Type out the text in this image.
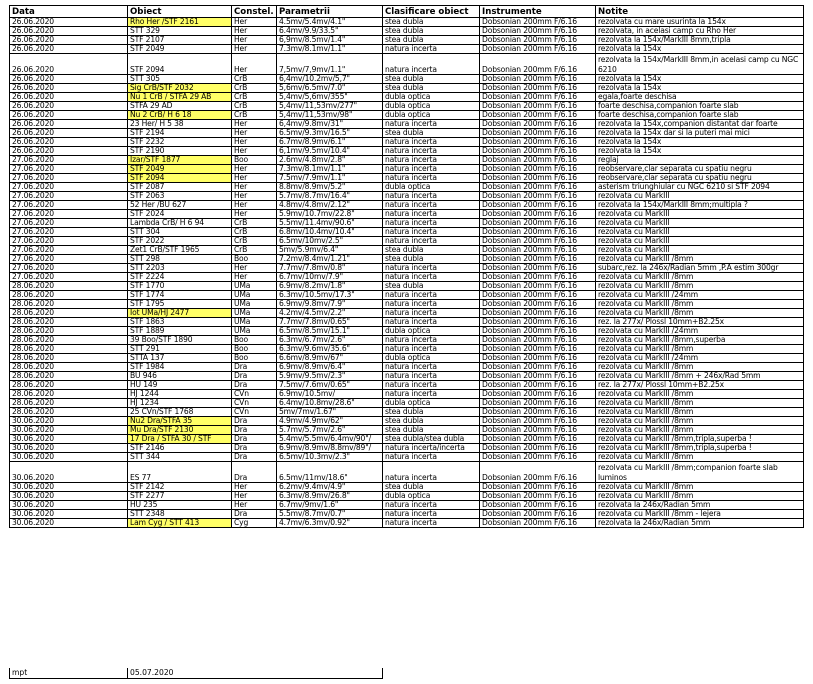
Data	Obiect	Constel.	Parametrii	Clasificare obiect	Instrumente	Notite
26.06.2020	Rho Her /STF 2161	Her	4.5mv/5.4mv/4.1"	stea dubla	Dobsonian 200mm F/6.16	rezolvata cu mare usurinta la 154x
26.06.2020	STT 329	Her	6.4mv/9.9/33.5"	stea dubla	Dobsonian 200mm F/6.16	rezolvata, in acelasi camp cu Rho Her
26.06.2020	STF 2107	Her	6,9mv/8.5mv/1.4"	stea dubla	Dobsonian 200mm F/6.16	rezolvata la 154x/MarkIII 8mm,tripla
26.06.2020	STF 2049	Her	7.3mv/8.1mv/1.1"	natura incerta	Dobsonian 200mm F/6.16	rezolvata la 154x
26.06.2020	STF 2094	Her	7,5mv/7,9mv/1.1"	natura incerta	Dobsonian 200mm F/6.16	rezolvata la 154x/MarkIII 8mm,in acelasi camp cu NGC 6210
26.06.2020	STT 305	CrB	6,4mv/10.2mv/5,7"	stea dubla	Dobsonian 200mm F/6.16	rezolvata la 154x
26.06.2020	Sig CrB/STF 2032	CrB	5,6mv/6.5mv/7.0"	stea dubla	Dobsonian 200mm F/6.16	rezolvata la 154x
26.06.2020	Nu 1 CrB / STFA 29 AB	CrB	5,4mv/5,6mv/355"	dubla optica	Dobsonian 200mm F/6.16	egala,foarte deschisa
26.06.2020	STFA 29 AD	CrB	5,4mv/11,53mv/277"	dubla optica	Dobsonian 200mm F/6.16	foarte deschisa,companion foarte slab
26.06.2020	Nu 2 CrB/ H 6 18	CrB	5,4mv/11,53mv/98"	dubla optica	Dobsonian 200mm F/6.16	foarte deschisa,companion foarte slab
26.06.2020	23 Her/ H 5 38	Her	6,4mv/9.8mv/31"	natura incerta	Dobsonian 200mm F/6.16	rezolvata la 154x,companion distantat dar foarte
26.06.2020	STF 2194	Her	6.5mv/9.3mv/16.5"	stea dubla	Dobsonian 200mm F/6.16	rezolvata la 154x dar si la puteri mai mici
26.06.2020	STF 2232	Her	6.7mv/8.9mv/6.1"	natura incerta	Dobsonian 200mm F/6.16	rezolvata la 154x
26.06.2020	STF 2190	Her	6,1mv/9.5mv/10.4"	natura incerta	Dobsonian 200mm F/6.16	rezolvata la 154x
27.06.2020	Izar/STF 1877	Boo	2.6mv/4.8mv/2.8"	natura incerta	Dobsonian 200mm F/6.16	reglaj
27.06.2020	STF 2049	Her	7.3mv/8.1mv/1.1"	natura incerta	Dobsonian 200mm F/6.16	reobservare,clar separata cu spatiu negru
27.06.2020	STF 2094	Her	7.5mv/7.9mv/1.1"	natura incerta	Dobsonian 200mm F/6.16	reobservare,clar separata cu spatiu negru
27.06.2020	STF 2087	Her	8.8mv/8.9mv/5.2"	dubla optica	Dobsonian 200mm F/6.16	asterism triunghiular cu NGC 6210 si STF 2094
27.06.2020	STF 2063	Her	5.7mv/8.7mv/16.4"	natura incerta	Dobsonian 200mm F/6.16	rezolvata cu MarkIII
27.06.2020	52 Her /BU 627	Her	4.8mv/4.8mv/2.12"	natura incerta	Dobsonian 200mm F/6.16	rezolvata la 154x/MarkIII 8mm;multipla ?
27.06.2020	STF 2024	Her	5.9mv/10.7mv/22.8"	natura incerta	Dobsonian 200mm F/6.16	rezolvata cu MarkIII
27.06.2020	Lambda CrB/ H 6 94	CrB	5.5mv/11.4mv/90.6"	natura incerta	Dobsonian 200mm F/6.16	rezolvata cu MarkIII
27.06.2020	STT 304	CrB	6.8mv/10.4mv/10.4"	natura incerta	Dobsonian 200mm F/6.16	rezolvata cu MarkIII
27.06.2020	STF 2022	CrB	6.5mv/10mv/2.5"	natura incerta	Dobsonian 200mm F/6.16	rezolvata cu MarkIII
27.06.2020	Zet1 CrB/STF 1965	CrB	5mv/5.9mv/6.4"	stea dubla	Dobsonian 200mm F/6.16	rezolvata cu MarkIII
27.06.2020	STT 298	Boo	7.2mv/8.4mv/1.21"	stea dubla	Dobsonian 200mm F/6.16	rezolvata cu MarkIII /8mm
27.06.2020	STT 2203	Her	7.7mv/7.8mv/0.8"	natura incerta	Dobsonian 200mm F/6.16	subarc,rez. la 246x/Radian 5mm ,P.A estim 300gr
27.06.2020	STF 2224	Her	6.7mv/10mv/7.9"	natura incerta	Dobsonian 200mm F/6.16	rezolvata cu MarkIII /8mm
28.06.2020	STF 1770	UMa	6.9mv/8.2mv/1.8"	stea dubla	Dobsonian 200mm F/6.16	rezolvata cu MarkIII /8mm
28.06.2020	STF 1774	UMa	6.3mv/10.5mv/17.3"	natura incerta	Dobsonian 200mm F/6.16	rezolvata cu MarkIII /24mm
28.06.2020	STF 1795	UMa	6.9mv/9.8mv/7.9"	natura incerta	Dobsonian 200mm F/6.16	rezolvata cu MarkIII /8mm
28.06.2020	Iot UMa/HJ 2477	UMa	4.2mv/4.5mv/2.2"	natura incerta	Dobsonian 200mm F/6.16	rezolvata cu MarkIII /8mm
28.06.2020	STF 1863	UMa	7.7mv/7.8mv/0.65"	natura incerta	Dobsonian 200mm F/6.16	rez. la 277x/ Plossl 10mm+B2.25x
28.06.2020	STF 1889	UMa	6.5mv/8.5mv/15.1"	dubla optica	Dobsonian 200mm F/6.16	rezolvata cu MarkIII /24mm
28.06.2020	39 Boo/STF 1890	Boo	6.3mv/6.7mv/2.6"	natura incerta	Dobsonian 200mm F/6.16	rezolvata cu MarkIII /8mm,superba
28.06.2020	STT 291	Boo	6.3mv/9.6mv/35.6"	natura incerta	Dobsonian 200mm F/6.16	rezolvata cu MarkIII /8mm
28.06.2020	STTA 137	Boo	6.6mv/8.9mv/67"	dubla optica	Dobsonian 200mm F/6.16	rezolvata cu MarkIII /24mm
28.06.2020	STF 1984	Dra	6.9mv/8.9mv/6.4"	natura incerta	Dobsonian 200mm F/6.16	rezolvata cu MarkIII /8mm
28.06.2020	BU 946	Dra	5.9mv/9.5mv/2.3"	natura incerta	Dobsonian 200mm F/6.16	rezolvata cu MarkIII /8mm + 246x/Rad 5mm
28.06.2020	HU 149	Dra	7.5mv/7.6mv/0.65"	natura incerta	Dobsonian 200mm F/6.16	rez. la 277x/ Plossl 10mm+B2.25x
28.06.2020	HJ 1244	CVn	6.9mv/10.5mv/	natura incerta	Dobsonian 200mm F/6.16	rezolvata cu MarkIII /8mm
28.06.2020	HJ 1234	CVn	6.4mv/10.8mv/28.6"	dubla optica	Dobsonian 200mm F/6.16	rezolvata cu MarkIII /8mm
28.06.2020	25 CVn/STF 1768	CVn	5mv/7mv/1.67"	stea dubla	Dobsonian 200mm F/6.16	rezolvata cu MarkIII /8mm
30.06.2020	Nu2 Dra/STFA 35	Dra	4.9mv/4.9mv/62"	stea dubla	Dobsonian 200mm F/6.16	rezolvata cu MarkIII /8mm
30.06.2020	Mu Dra/STF 2130	Dra	5.7mv/5.7mv/2.6"	stea dubla	Dobsonian 200mm F/6.16	rezolvata cu MarkIII /8mm
30.06.2020	17 Dra / STFA 30 / STF	Dra	5.4mv/5.5mv/6.4mv/90"/	stea dubla/stea dubla	Dobsonian 200mm F/6.16	rezolvata cu MarkIII /8mm,tripla,superba !
30.06.2020	STF 2146	Dra	6.9mv/8.9mv/8.8mv/89"/	natura incerta/incerta	Dobsonian 200mm F/6.16	rezolvata cu MarkIII /8mm,tripla,superba !
30.06.2020	STT 344	Dra	6.5mv/10.3mv/2.3"	natura incerta	Dobsonian 200mm F/6.16	rezolvata cu MarkIII /8mm
30.06.2020	ES 77	Dra	6.5mv/11mv/18.6"	natura incerta	Dobsonian 200mm F/6.16	rezolvata cu MarkIII /8mm;companion foarte slab luminos
30.06.2020	STF 2142	Her	6.2mv/9.4mv/4.9"	stea dubla	Dobsonian 200mm F/6.16	rezolvata cu MarkIII /8mm
30.06.2020	STF 2277	Her	6.3mv/8.9mv/26.8"	dubla optica	Dobsonian 200mm F/6.16	rezolvata cu MarkIII /8mm
30.06.2020	HU 235	Her	6.7mv/9mv/1.6"	natura incerta	Dobsonian 200mm F/6.16	rezolvata la 246x/Radian 5mm
30.06.2020	STT 2348	Dra	5.5mv/8.7mv/0.7"	natura incerta	Dobsonian 200mm F/6.16	rezolvata cu MarkIII /8mm - lejera
30.06.2020	Lam Cyg / STT 413	Cyg	4.7mv/6.3mv/0.92"	natura incerta	Dobsonian 200mm F/6.16	rezolvata la 246x/Radian 5mm
mpt	05.07.2020
